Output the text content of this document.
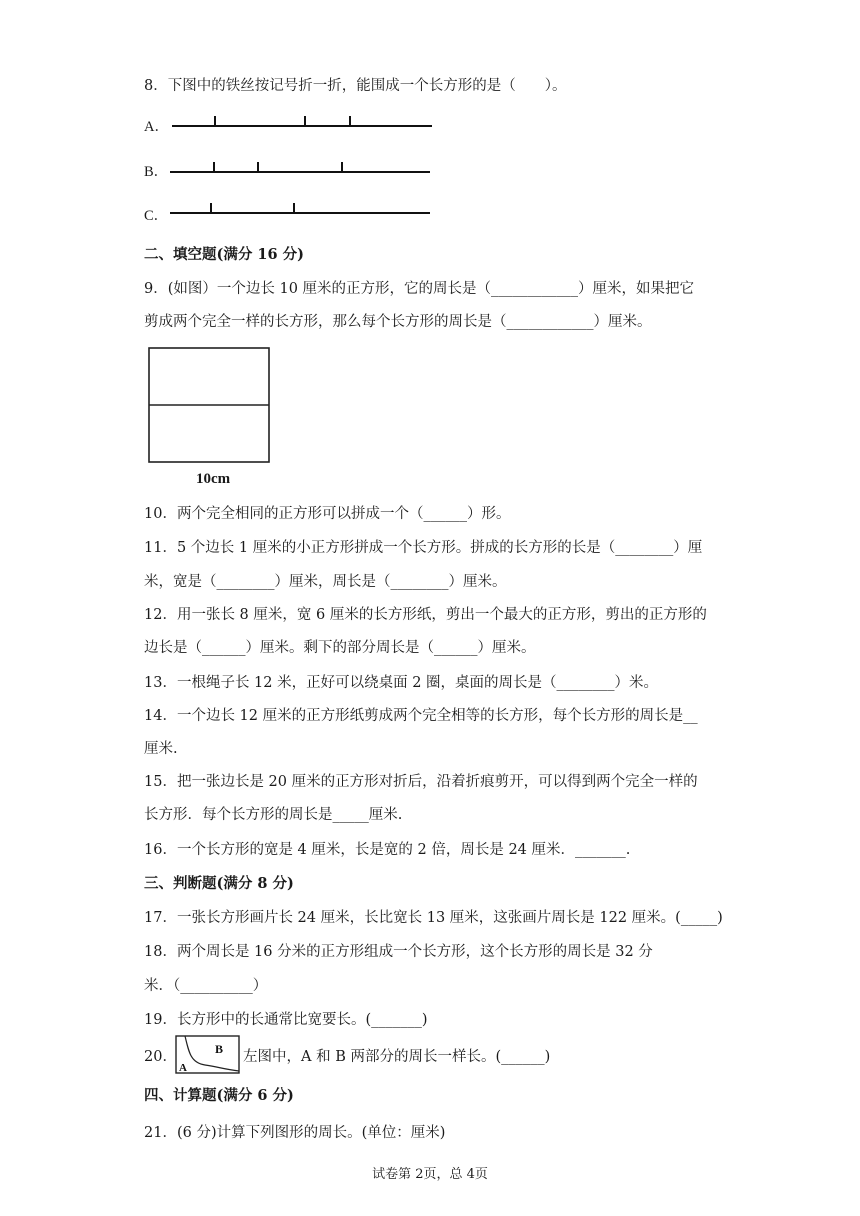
8．下图中的铁丝按记号折一折，能围成一个长方形的是（　　）。
A．
B．
C．
二、填空题(满分 16 分)
9．(如图）一个边长 10 厘米的正方形，它的周长是（____________）厘米，如果把它
剪成两个完全一样的长方形，那么每个长方形的周长是（____________）厘米。
10cm
10．两个完全相同的正方形可以拼成一个（______）形。
11．5 个边长 1 厘米的小正方形拼成一个长方形。拼成的长方形的长是（________）厘
米，宽是（________）厘米，周长是（________）厘米。
12．用一张长 8 厘米，宽 6 厘米的长方形纸，剪出一个最大的正方形，剪出的正方形的
边长是（______）厘米。剩下的部分周长是（______）厘米。
13．一根绳子长 12 米，正好可以绕桌面 2 圈，桌面的周长是（________）米。
14．一个边长 12 厘米的正方形纸剪成两个完全相等的长方形，每个长方形的周长是__
厘米.
15．把一张边长是 20 厘米的正方形对折后，沿着折痕剪开，可以得到两个完全一样的
长方形．每个长方形的周长是_____厘米.
16．一个长方形的宽是 4 厘米，长是宽的 2 倍，周长是 24 厘米．_______.
三、判断题(满分 8 分)
17．一张长方形画片长 24 厘米，长比宽长 13 厘米，这张画片周长是 122 厘米。(_____)
18．两个周长是 16 分米的正方形组成一个长方形，这个长方形的周长是 32 分
米．（__________）
19．长方形中的长通常比宽要长。(_______)
20．	B
A
左图中，A 和 B 两部分的周长一样长。(______)
四、计算题(满分 6 分)
21．(6 分)计算下列图形的周长。(单位：厘米)
试卷第 2页，总 4页
